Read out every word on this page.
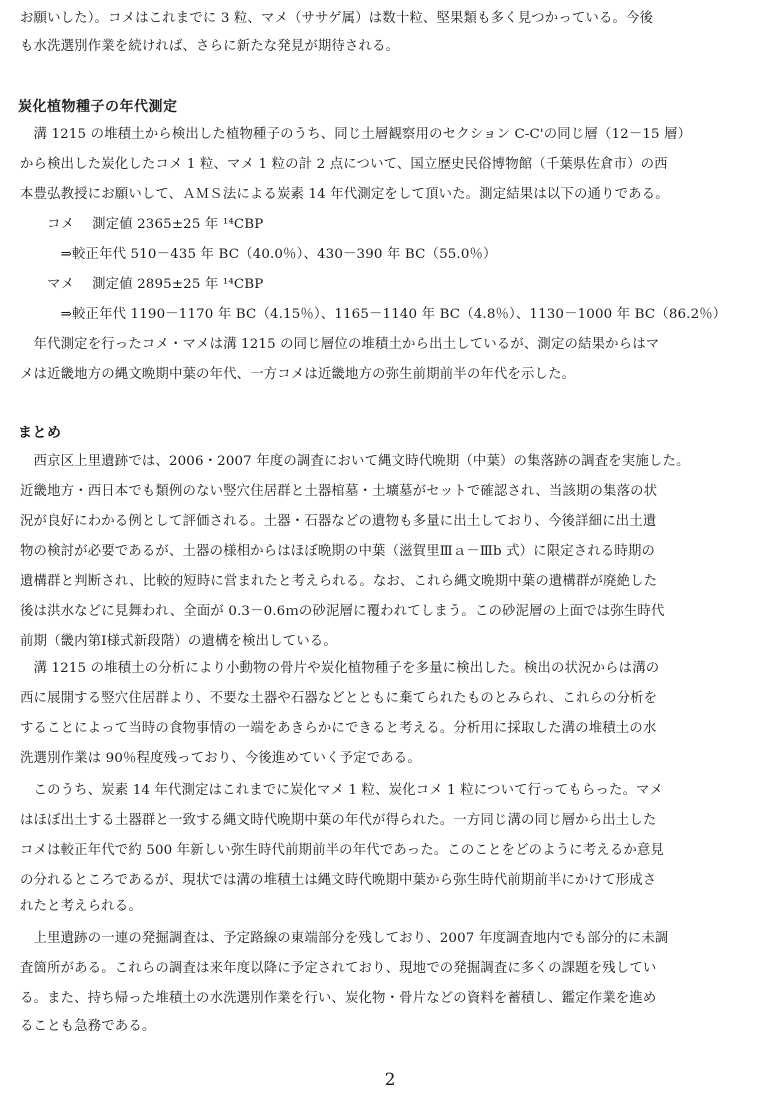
お願いした）。コメはこれまでに 3 粒、マメ（ササゲ属）は数十粒、堅果類も多く見つかっている。今後
も水洗選別作業を続ければ、さらに新たな発見が期待される。
炭化植物種子の年代測定
　溝 1215 の堆積土から検出した植物種子のうち、同じ土層観察用のセクション C-C'の同じ層（12－15 層）
から検出した炭化したコメ 1 粒、マメ 1 粒の計 2 点について、国立歴史民俗博物館（千葉県佐倉市）の西
本豊弘教授にお願いして、ＡＭＳ法による炭素 14 年代測定をして頂いた。測定結果は以下の通りである。
　　コメ　 測定値 2365±25 年 ¹⁴CBP
　　　⇒較正年代 510－435 年 BC（40.0％）、430－390 年 BC（55.0％）
　　マメ　 測定値 2895±25 年 ¹⁴CBP
　　　⇒較正年代 1190－1170 年 BC（4.15％）、1165－1140 年 BC（4.8％）、1130－1000 年 BC（86.2％）
　年代測定を行ったコメ・マメは溝 1215 の同じ層位の堆積土から出土しているが、測定の結果からはマ
メは近畿地方の縄文晩期中葉の年代、一方コメは近畿地方の弥生前期前半の年代を示した。
まとめ
　西京区上里遺跡では、2006・2007 年度の調査において縄文時代晩期（中葉）の集落跡の調査を実施した。
近畿地方・西日本でも類例のない竪穴住居群と土器棺墓・土壙墓がセットで確認され、当該期の集落の状
況が良好にわかる例として評価される。土器・石器などの遺物も多量に出土しており、今後詳細に出土遺
物の検討が必要であるが、土器の様相からはほぼ晩期の中葉（滋賀里Ⅲａ－Ⅲb 式）に限定される時期の
遺構群と判断され、比較的短時に営まれたと考えられる。なお、これら縄文晩期中葉の遺構群が廃絶した
後は洪水などに見舞われ、全面が 0.3－0.6ｍの砂泥層に覆われてしまう。この砂泥層の上面では弥生時代
前期（畿内第Ⅰ様式新段階）の遺構を検出している。
　溝 1215 の堆積土の分析により小動物の骨片や炭化植物種子を多量に検出した。検出の状況からは溝の
西に展開する竪穴住居群より、不要な土器や石器などとともに棄てられたものとみられ、これらの分析を
することによって当時の食物事情の一端をあきらかにできると考える。分析用に採取した溝の堆積土の水
洗選別作業は 90％程度残っており、今後進めていく予定である。
　このうち、炭素 14 年代測定はこれまでに炭化マメ 1 粒、炭化コメ 1 粒について行ってもらった。マメ
はほぼ出土する土器群と一致する縄文時代晩期中葉の年代が得られた。一方同じ溝の同じ層から出土した
コメは較正年代で約 500 年新しい弥生時代前期前半の年代であった。このことをどのように考えるか意見
の分れるところであるが、現状では溝の堆積土は縄文時代晩期中葉から弥生時代前期前半にかけて形成さ
れたと考えられる。
　上里遺跡の一連の発掘調査は、予定路線の東端部分を残しており、2007 年度調査地内でも部分的に未調
査箇所がある。これらの調査は来年度以降に予定されており、現地での発掘調査に多くの課題を残してい
る。また、持ち帰った堆積土の水洗選別作業を行い、炭化物・骨片などの資料を蓄積し、鑑定作業を進め
ることも急務である。
2
